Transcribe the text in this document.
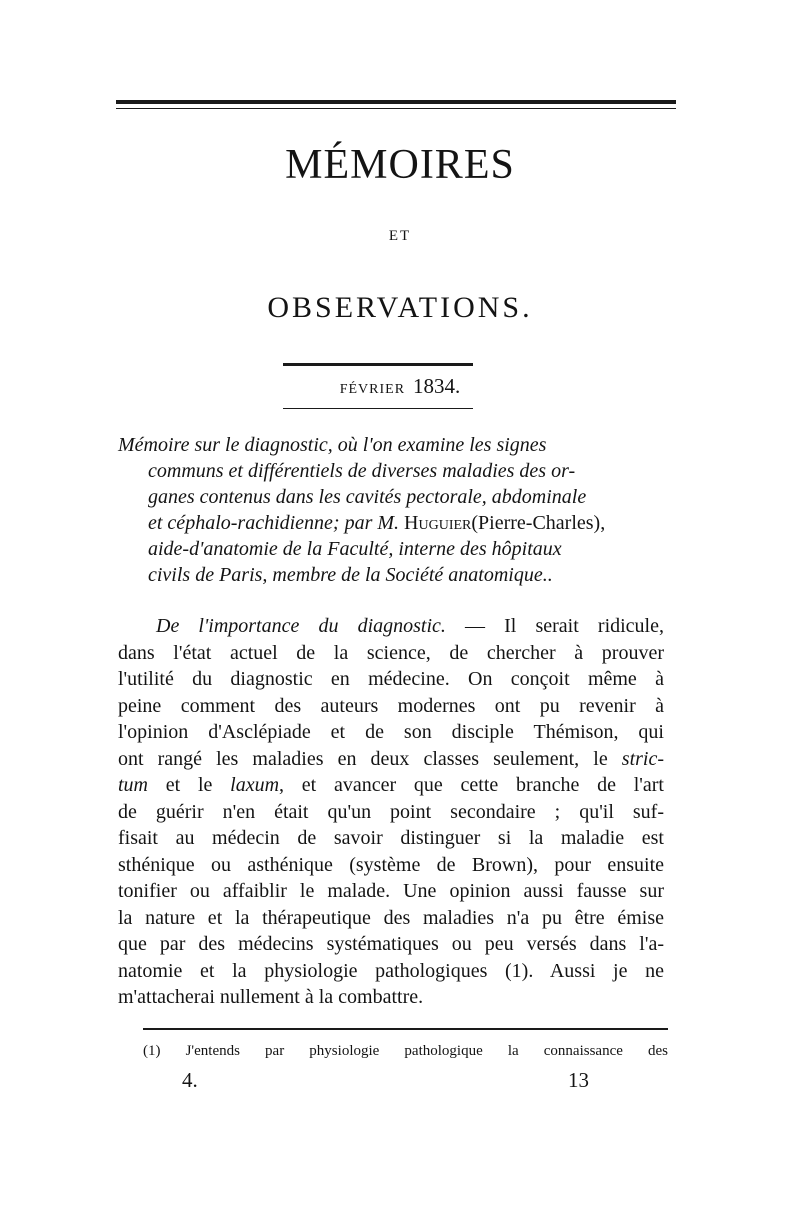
MÉMOIRES
ET
OBSERVATIONS.
FÉVRIER 1834.
Mémoire sur le diagnostic, où l'on examine les signes
communs et différentiels de diverses maladies des or-
ganes contenus dans les cavités pectorale, abdominale
et céphalo-rachidienne; par M. Huguier(Pierre-Charles),
aide-d'anatomie de la Faculté, interne des hôpitaux
civils de Paris, membre de la Société anatomique..
De l'importance du diagnostic. — Il serait ridicule,
dans l'état actuel de la science, de chercher à prouver
l'utilité du diagnostic en médecine. On conçoit même à
peine comment des auteurs modernes ont pu revenir à
l'opinion d'Asclépiade et de son disciple Thémison, qui
ont rangé les maladies en deux classes seulement, le stric-
tum et le laxum, et avancer que cette branche de l'art
de guérir n'en était qu'un point secondaire ; qu'il suf-
fisait au médecin de savoir distinguer si la maladie est
sthénique ou asthénique (système de Brown), pour ensuite
tonifier ou affaiblir le malade. Une opinion aussi fausse sur
la nature et la thérapeutique des maladies n'a pu être émise
que par des médecins systématiques ou peu versés dans l'a-
natomie et la physiologie pathologiques (1). Aussi je ne
m'attacherai nullement à la combattre.
(1) J'entends par physiologie pathologique la connaissance des
4.	13
